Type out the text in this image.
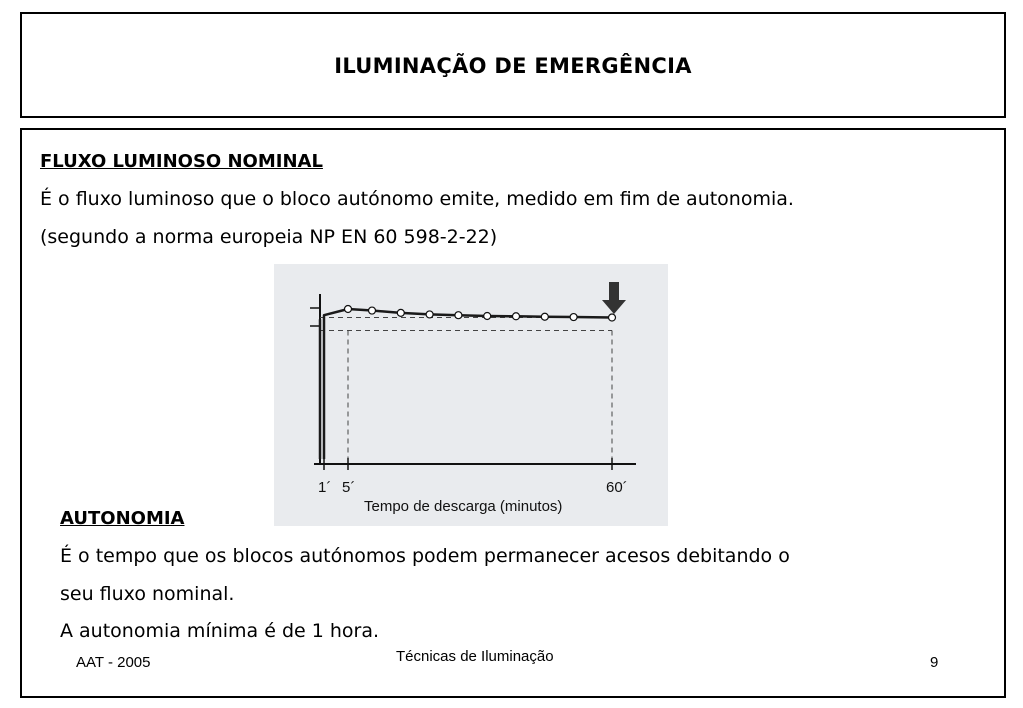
ILUMINAÇÃO DE EMERGÊNCIA
FLUXO LUMINOSO NOMINAL
É o fluxo luminoso que o bloco autónomo emite, medido em fim de autonomia.
(segundo a norma europeia NP EN 60 598-2-22)
AUTONOMIA
É o tempo que os blocos autónomos podem permanecer acesos debitando o
seu fluxo nominal.
A autonomia mínima é de 1 hora.
AAT - 2005	Técnicas de Iluminação	9
1´ 5´	60´
Tempo de descarga (minutos)
